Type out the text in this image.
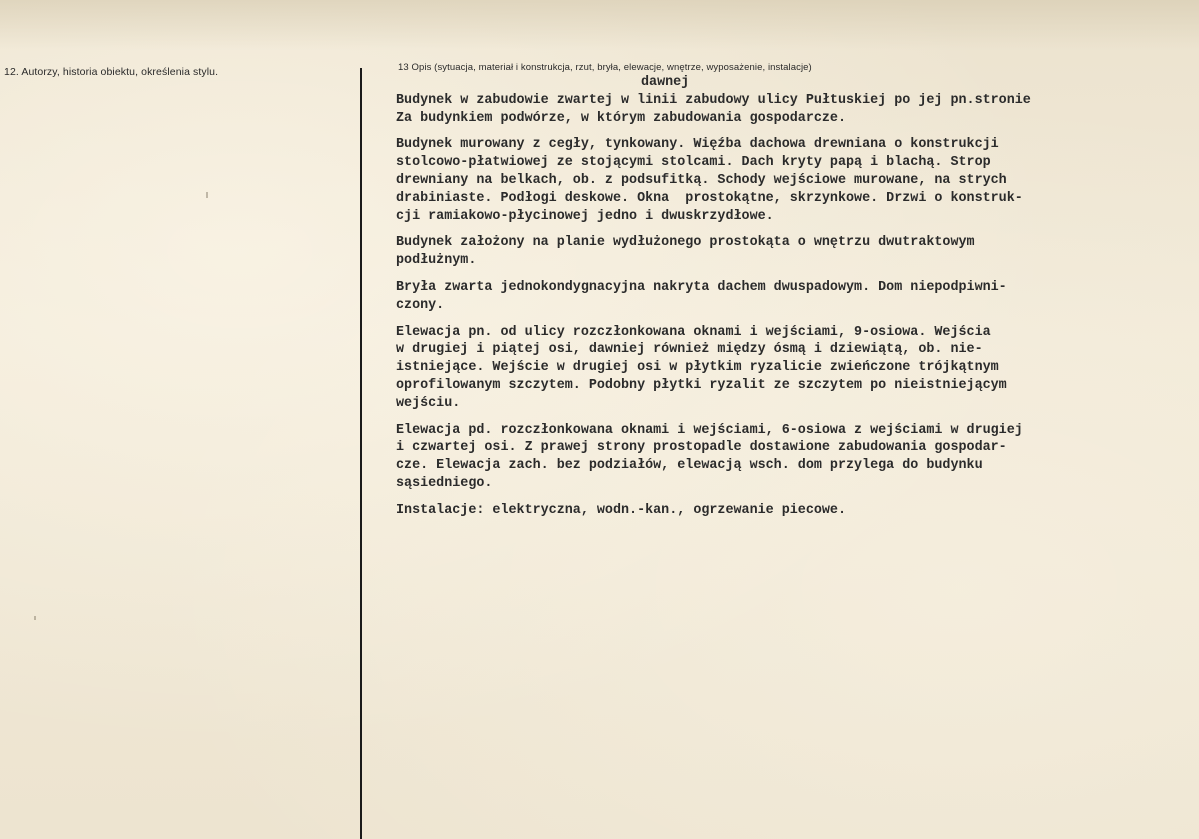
12. Autorzy, historia obiektu, określenia stylu.	13 Opis (sytuacja, materiał i konstrukcja, rzut, bryła, elewacje, wnętrze, wyposażenie, instalacje)
dawnej
Budynek w zabudowie zwartej w linii zabudowy ulicy Pułtuskiej po jej pn.stronie
Za budynkiem podwórze, w którym zabudowania gospodarcze.
Budynek murowany z cegły, tynkowany. Więźba dachowa drewniana o konstrukcji
stolcowo-płatwiowej ze stojącymi stolcami. Dach kryty papą i blachą. Strop
drewniany na belkach, ob. z podsufitką. Schody wejściowe murowane, na strych
drabiniaste. Podłogi deskowe. Okna  prostokątne, skrzynkowe. Drzwi o konstruk-
cji ramiakowo-płycinowej jedno i dwuskrzydłowe.
Budynek założony na planie wydłużonego prostokąta o wnętrzu dwutraktowym
podłużnym.
Bryła zwarta jednokondygnacyjna nakryta dachem dwuspadowym. Dom niepodpiwni-
czony.
Elewacja pn. od ulicy rozczłonkowana oknami i wejściami, 9-osiowa. Wejścia
w drugiej i piątej osi, dawniej również między ósmą i dziewiątą, ob. nie-
istniejące. Wejście w drugiej osi w płytkim ryzalicie zwieńczone trójkątnym
oprofilowanym szczytem. Podobny płytki ryzalit ze szczytem po nieistniejącym
wejściu.
Elewacja pd. rozczłonkowana oknami i wejściami, 6-osiowa z wejściami w drugiej
i czwartej osi. Z prawej strony prostopadle dostawione zabudowania gospodar-
cze. Elewacja zach. bez podziałów, elewacją wsch. dom przylega do budynku
sąsiedniego.
Instalacje: elektryczna, wodn.-kan., ogrzewanie piecowe.
